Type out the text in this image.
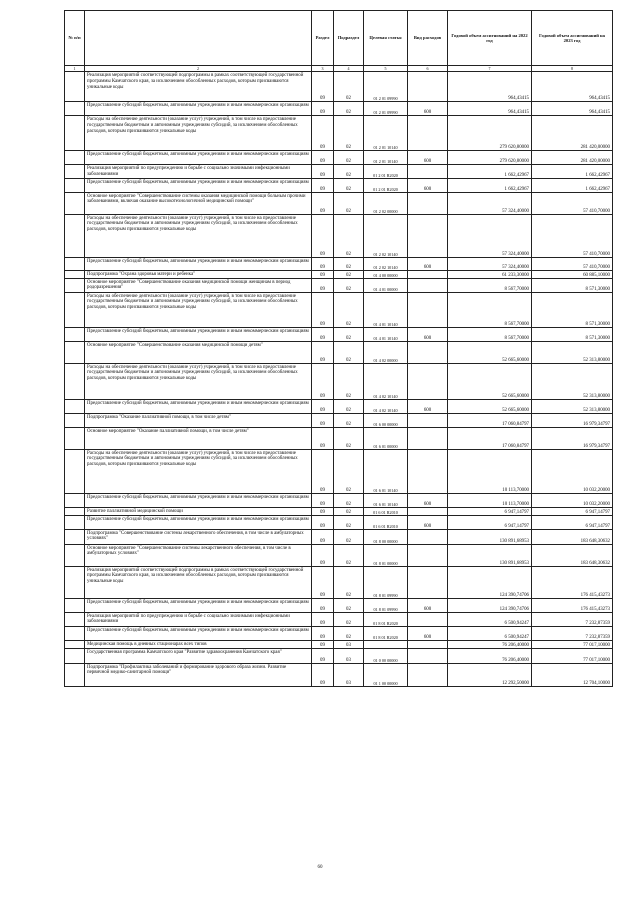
№ п/п		Раздел	Подраздел	Целевая статья	Вид расходов	Годовой объем ассигнований на 2022 год	Годовой объем ассигнований на 2023 год
1	2	3	4	5	6	7	8
	Реализация мероприятий соответствующей подпрограммы в рамках соответствующей государственной программы Камчатского края, за исключением обособленных расходов, которым присваиваются уникальные коды	09	02	01 2 01 09990		964,43415	964,43415
	Предоставление субсидий бюджетным, автономным учреждениям и иным некоммерческим организациям	09	02	01 2 01 09990	600	964,43415	964,43415
	Расходы на обеспечение деятельности (оказание услуг) учреждений, в том числе на предоставление государственным бюджетным и автономным учреждениям субсидий, за исключением обособленных расходов, которым присваиваются уникальные коды	09	02	01 2 01 10140		279 620,80000	281 420,00000
	Предоставление субсидий бюджетным, автономным учреждениям и иным некоммерческим организациям	09	02	01 2 01 10140	600	279 620,80000	281 420,00000
	Реализация мероприятий по предупреждению и борьбе с социально значимыми инфекционными заболеваниями	09	02	01 2 01 R2020		1 662,42967	1 662,42967
	Предоставление субсидий бюджетным, автономным учреждениям и иным некоммерческим организациям	09	02	01 2 01 R2020	600	1 662,42967	1 662,42967
	Основное мероприятие "Совершенствование системы оказания медицинской помощи больным прочими заболеваниями, включая оказание высокотехнологичной медицинской помощи"	09	02	01 2 02 00000		57 324,40000	57 410,70000
	Расходы на обеспечение деятельности (оказание услуг) учреждений, в том числе на предоставление государственным бюджетным и автономным учреждениям субсидий, за исключением обособленных расходов, которым присваиваются уникальные коды	09	02	01 2 02 10140		57 324,40000	57 410,70000
	Предоставление субсидий бюджетным, автономным учреждениям и иным некоммерческим организациям	09	02	01 2 02 10140	600	57 324,40000	57 410,70000
	Подпрограмма "Охрана здоровья матери и ребенка"	09	02	01 4 00 00000		61 233,30000	60 885,10000
	Основное мероприятие "Совершенствование оказания медицинской помощи женщинам в период родоразрешения"	09	02	01 4 01 00000		8 567,70000	8 571,30000
	Расходы на обеспечение деятельности (оказание услуг) учреждений, в том числе на предоставление государственным бюджетным и автономным учреждениям субсидий, за исключением обособленных расходов, которым присваиваются уникальные коды	09	02	01 4 01 10140		8 567,70000	8 571,30000
	Предоставление субсидий бюджетным, автономным учреждениям и иным некоммерческим организациям	09	02	01 4 01 10140	600	8 567,70000	8 571,30000
	Основное мероприятие "Совершенствование оказания медицинской помощи детям"	09	02	01 4 02 00000		52 665,60000	52 313,80000
	Расходы на обеспечение деятельности (оказание услуг) учреждений, в том числе на предоставление государственным бюджетным и автономным учреждениям субсидий, за исключением обособленных расходов, которым присваиваются уникальные коды	09	02	01 4 02 10140		52 665,60000	52 313,80000
	Предоставление субсидий бюджетным, автономным учреждениям и иным некоммерческим организациям	09	02	01 4 02 10140	600	52 665,60000	52 313,80000
	Подпрограмма "Оказание паллиативной помощи, в том числе детям"	09	02	01 6 00 00000		17 060,84797	16 979,34797
	Основное мероприятие "Оказание паллиативной помощи, в том числе детям"	09	02	01 6 01 00000		17 060,84797	16 979,34797
	Расходы на обеспечение деятельности (оказание услуг) учреждений, в том числе на предоставление государственным бюджетным и автономным учреждениям субсидий, за исключением обособленных расходов, которым присваиваются уникальные коды	09	02	01 6 01 10140		10 113,70000	10 032,20000
	Предоставление субсидий бюджетным, автономным учреждениям и иным некоммерческим организациям	09	02	01 6 01 10140	600	10 113,70000	10 032,20000
	Развитие паллиативной медицинской помощи	09	02	01 6 01 R2010		6 947,14797	6 947,14797
	Предоставление субсидий бюджетным, автономным учреждениям и иным некоммерческим организациям	09	02	01 6 01 R2010	600	6 947,14797	6 947,14797
	Подпрограмма "Совершенствование системы лекарственного обеспечения, в том числе в амбулаторных условиях"	09	02	01 8 00 00000		130 891,68953	183 648,30632
	Основное мероприятие "Совершенствование системы лекарственного обеспечения, в том числе в амбулаторных условиях"	09	02	01 8 01 00000		130 891,68953	183 648,30632
	Реализация мероприятий соответствующей подпрограммы в рамках соответствующей государственной программы Камчатского края, за исключением обособленных расходов, которым присваиваются уникальные коды	09	02	01 8 01 09990		124 390,74706	176 415,43273
	Предоставление субсидий бюджетным, автономным учреждениям и иным некоммерческим организациям	09	02	01 8 01 09990	600	124 390,74706	176 415,43273
	Реализация мероприятий по предупреждению и борьбе с социально значимыми инфекционными заболеваниями	09	02	01 8 01 R2020		6 500,94247	7 232,87359
	Предоставление субсидий бюджетным, автономным учреждениям и иным некоммерческим организациям	09	02	01 8 01 R2020	600	6 500,94247	7 232,87359
	Медицинская помощь в дневных стационарах всех типов	09	03			76 206,40000	77 017,10000
	Государственная программа Камчатского края "Развитие здравоохранения Камчатского края"	09	03	01 0 00 00000		76 206,40000	77 017,10000
	Подпрограмма "Профилактика заболеваний и формирование здорового образа жизни. Развитие первичной медико-санитарной помощи"	09	03	01 1 00 00000		12 292,50000	12 704,10000
60
